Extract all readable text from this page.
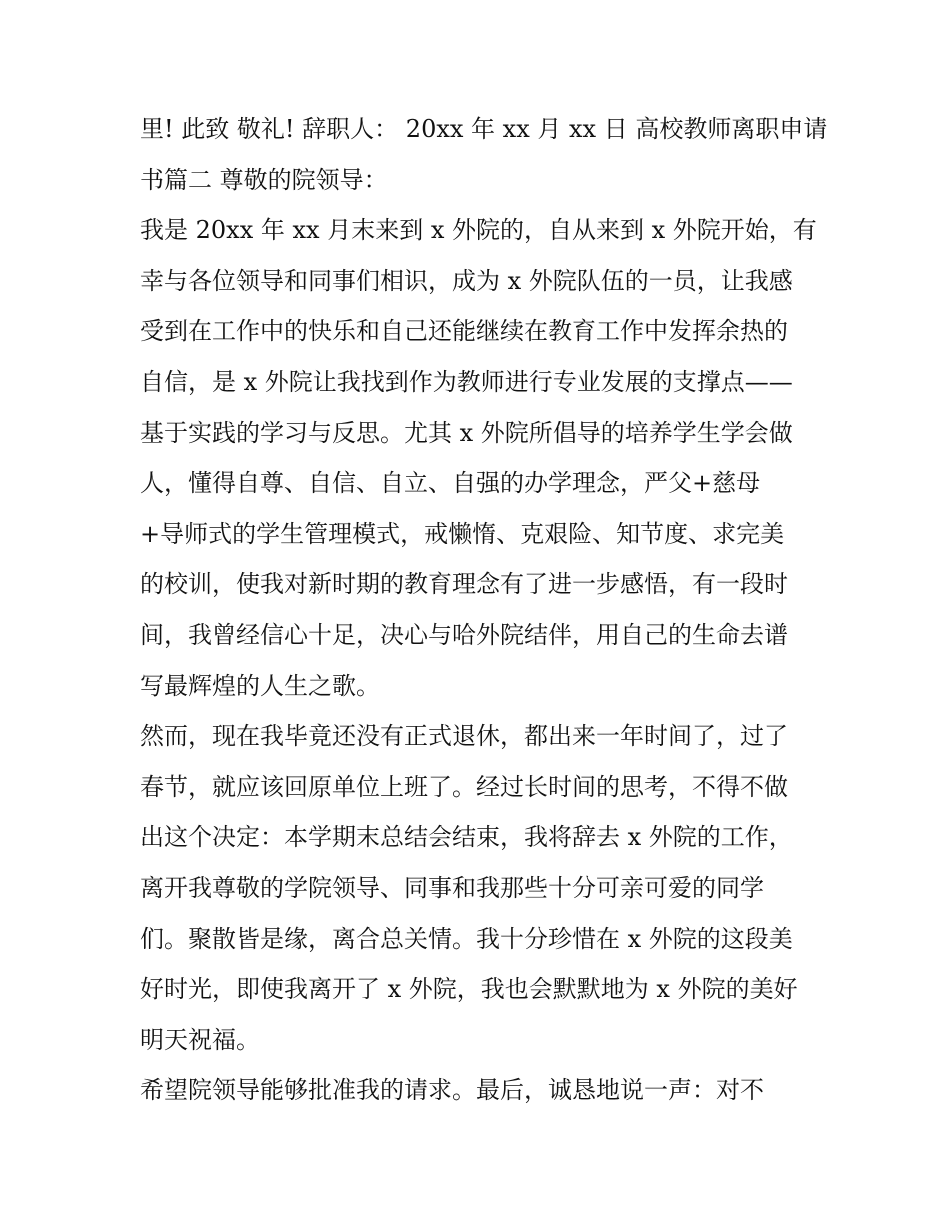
里! 此致 敬礼! 辞职人： 20xx 年 xx 月 xx 日 高校教师离职申请
书篇二 尊敬的院领导：
我是 20xx 年 xx 月末来到 x 外院的，自从来到 x 外院开始，有
幸与各位领导和同事们相识，成为 x 外院队伍的一员，让我感
受到在工作中的快乐和自己还能继续在教育工作中发挥余热的
自信，是 x 外院让我找到作为教师进行专业发展的支撑点——
基于实践的学习与反思。尤其 x 外院所倡导的培养学生学会做
人，懂得自尊、自信、自立、自强的办学理念，严父+慈母
+导师式的学生管理模式，戒懒惰、克艰险、知节度、求完美
的校训，使我对新时期的教育理念有了进一步感悟，有一段时
间，我曾经信心十足，决心与哈外院结伴，用自己的生命去谱
写最辉煌的人生之歌。
然而，现在我毕竟还没有正式退休，都出来一年时间了，过了
春节，就应该回原单位上班了。经过长时间的思考，不得不做
出这个决定：本学期末总结会结束，我将辞去 x 外院的工作，
离开我尊敬的学院领导、同事和我那些十分可亲可爱的同学
们。聚散皆是缘，离合总关情。我十分珍惜在 x 外院的这段美
好时光，即使我离开了 x 外院，我也会默默地为 x 外院的美好
明天祝福。
希望院领导能够批准我的请求。最后，诚恳地说一声：对不
